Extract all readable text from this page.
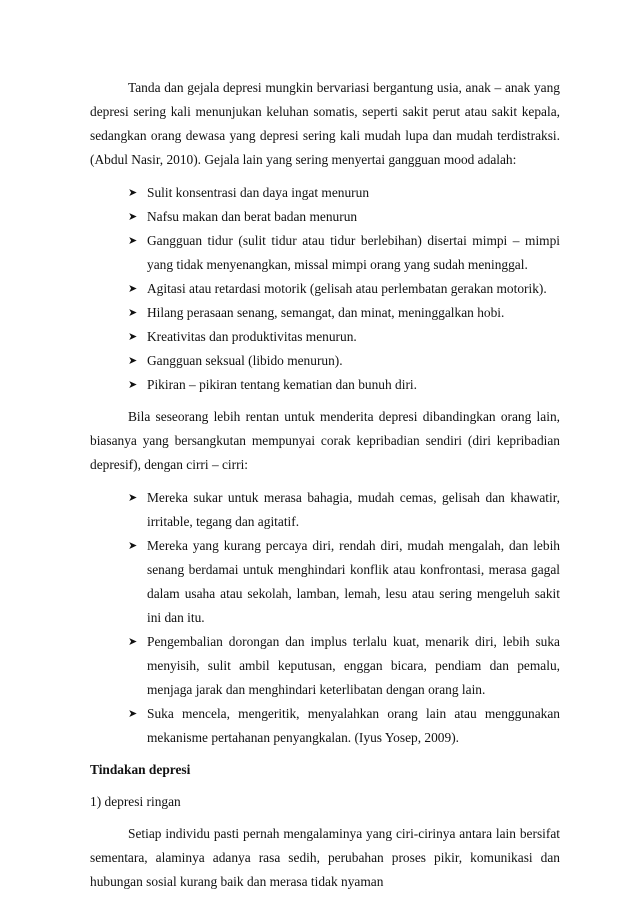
Tanda dan gejala depresi mungkin bervariasi bergantung usia, anak – anak yang depresi sering kali menunjukan keluhan somatis, seperti sakit perut atau sakit kepala, sedangkan orang dewasa yang depresi sering kali mudah lupa dan mudah terdistraksi. (Abdul Nasir, 2010). Gejala lain yang sering menyertai gangguan mood adalah:

➤ Sulit konsentrasi dan daya ingat menurun
➤ Nafsu makan dan berat badan menurun
➤ Gangguan tidur (sulit tidur atau tidur berlebihan) disertai mimpi – mimpi yang tidak menyenangkan, missal mimpi orang yang sudah meninggal.
➤ Agitasi atau retardasi motorik (gelisah atau perlembatan gerakan motorik).
➤ Hilang perasaan senang, semangat, dan minat, meninggalkan hobi.
➤ Kreativitas dan produktivitas menurun.
➤ Gangguan seksual (libido menurun).
➤ Pikiran – pikiran tentang kematian dan bunuh diri.

Bila seseorang lebih rentan untuk menderita depresi dibandingkan orang lain, biasanya yang bersangkutan mempunyai corak kepribadian sendiri (diri kepribadian depresif), dengan cirri – cirri:

➤ Mereka sukar untuk merasa bahagia, mudah cemas, gelisah dan khawatir, irritable, tegang dan agitatif.
➤ Mereka yang kurang percaya diri, rendah diri, mudah mengalah, dan lebih senang berdamai untuk menghindari konflik atau konfrontasi, merasa gagal dalam usaha atau sekolah, lamban, lemah, lesu atau sering mengeluh sakit ini dan itu.
➤ Pengembalian dorongan dan implus terlalu kuat, menarik diri, lebih suka menyisih, sulit ambil keputusan, enggan bicara, pendiam dan pemalu, menjaga jarak dan menghindari keterlibatan dengan orang lain.
➤ Suka mencela, mengeritik, menyalahkan orang lain atau menggunakan mekanisme pertahanan penyangkalan. (Iyus Yosep, 2009).

Tindakan depresi

1) depresi ringan

Setiap individu pasti pernah mengalaminya yang ciri-cirinya antara lain bersifat sementara, alaminya adanya rasa sedih, perubahan proses pikir, komunikasi dan hubungan sosial kurang baik dan merasa tidak nyaman
